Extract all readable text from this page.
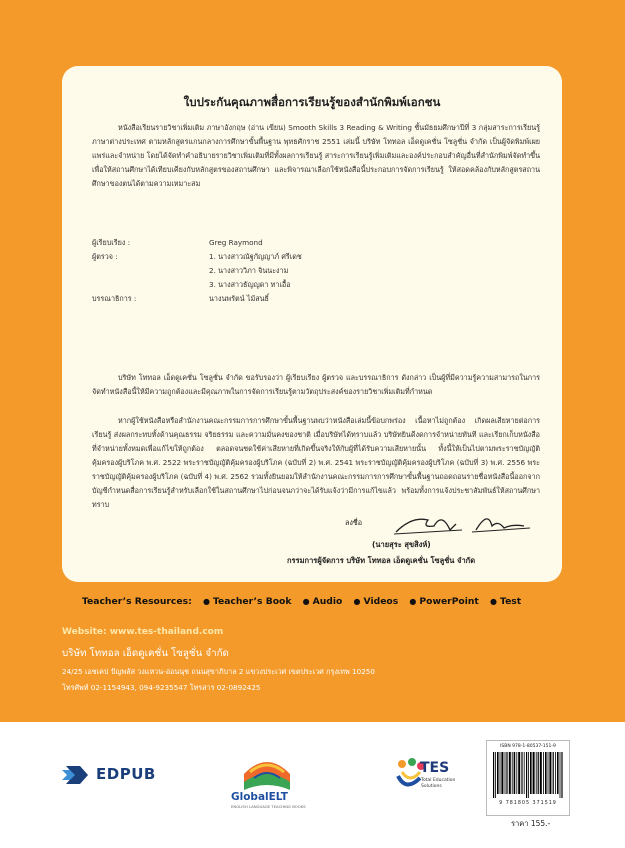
ใบประกันคุณภาพสื่อการเรียนรู้ของสำนักพิมพ์เอกชน

หนังสือเรียนรายวิชาเพิ่มเติม ภาษาอังกฤษ (อ่าน เขียน) Smooth Skills 3 Reading & Writing ชั้นมัธยมศึกษาปีที่ 3 กลุ่มสาระการเรียนรู้ภาษาต่างประเทศ ตามหลักสูตรแกนกลางการศึกษาขั้นพื้นฐาน พุทธศักราช 2551 เล่มนี้ บริษัท โททอล เอ็ดดูเคชั่น โซลูชั่น จำกัด เป็นผู้จัดพิมพ์เผยแพร่และจำหน่าย โดยได้จัดทำคำอธิบายรายวิชาเพิ่มเติมที่มีทั้งผลการเรียนรู้ สาระการเรียนรู้เพิ่มเติมและองค์ประกอบสำคัญอื่นที่สำนักพิมพ์จัดทำขึ้น เพื่อให้สถานศึกษาได้เทียบเคียงกับหลักสูตรของสถานศึกษา และพิจารณาเลือกใช้หนังสือนี้ประกอบการจัดการเรียนรู้ ให้สอดคล้องกับหลักสูตรสถานศึกษาของตนได้ตามความเหมาะสม

ผู้เรียบเรียง :	Greg Raymond
ผู้ตรวจ :	1. นางสาวณัฐกัญญาภ์ ศรีเดช
2. นางสาววิภา จินนะงาม
3. นางสาวธัญญดา ทาเอื้อ
บรรณาธิการ :	นางนพรัตน์ ไม้สนธิ์

บริษัท โททอล เอ็ดดูเคชั่น โซลูชั่น จำกัด ขอรับรองว่า ผู้เรียบเรียง ผู้ตรวจ และบรรณาธิการ ดังกล่าว เป็นผู้ที่มีความรู้ความสามารถในการจัดทำหนังสือนี้ให้มีความถูกต้องและมีคุณภาพในการจัดการเรียนรู้ตามวัตถุประสงค์ของรายวิชาเพิ่มเติมที่กำหนด

หากผู้ใช้หนังสือหรือสำนักงานคณะกรรมการการศึกษาขั้นพื้นฐานพบว่าหนังสือเล่มนี้ข้อบกพร่อง เนื้อหาไม่ถูกต้อง เกิดผลเสียหายต่อการเรียนรู้ ส่งผลกระทบทั้งด้านคุณธรรม จริยธรรม และความมั่นคงของชาติ เมื่อบริษัทได้ทราบแล้ว บริษัทยินดีงดการจำหน่ายทันที และเรียกเก็บหนังสือที่จำหน่ายทั้งหมดเพื่อแก้ไขให้ถูกต้อง ตลอดจนชดใช้ค่าเสียหายที่เกิดขึ้นจริงให้กับผู้ที่ได้รับความเสียหายนั้น ทั้งนี้ให้เป็นไปตามพระราชบัญญัติคุ้มครองผู้บริโภค พ.ศ. 2522 พระราชบัญญัติคุ้มครองผู้บริโภค (ฉบับที่ 2) พ.ศ. 2541 พระราชบัญญัติคุ้มครองผู้บริโภค (ฉบับที่ 3) พ.ศ. 2556 พระราชบัญญัติคุ้มครองผู้บริโภค (ฉบับที่ 4) พ.ศ. 2562 รวมทั้งยินยอมให้สำนักงานคณะกรรมการการศึกษาขั้นพื้นฐานถอดถอนรายชื่อหนังสือนี้ออกจากบัญชีกำหนดสื่อการเรียนรู้สำหรับเลือกใช้ในสถานศึกษาไปก่อนจนกว่าจะได้รับแจ้งว่ามีการแก้ไขแล้ว พร้อมทั้งการแจ้งประชาสัมพันธ์ให้สถานศึกษาทราบ

ลงชื่อ
(นายสุระ สุขสิงห์)
กรรมการผู้จัดการ บริษัท โททอล เอ็ดดูเคชั่น โซลูชั่น จำกัด
Teacher’s Resources: ● Teacher’s Book ● Audio ● Videos ● PowerPoint ● Test
Website: www.tes-thailand.com
บริษัท โททอล เอ็ดดูเคชั่น โซลูชั่น จำกัด
24/25 เอชเคป ปัญพลัส วงแหวน-อ่อนนุช ถนนสุขาภิบาล 2 แขวงประเวศ เขตประเวศ กรุงเทพ 10250
โทรศัพท์ 02-1154943, 094-9235547 โทรสาร 02-0892425
EDPUB
GlobalELT
ENGLISH LANGUAGE TEACHING BOOKS
TES
Total Education Solutions
ISBN 978-1-80537-151-9
9 781805 371519
ราคา 155.-
